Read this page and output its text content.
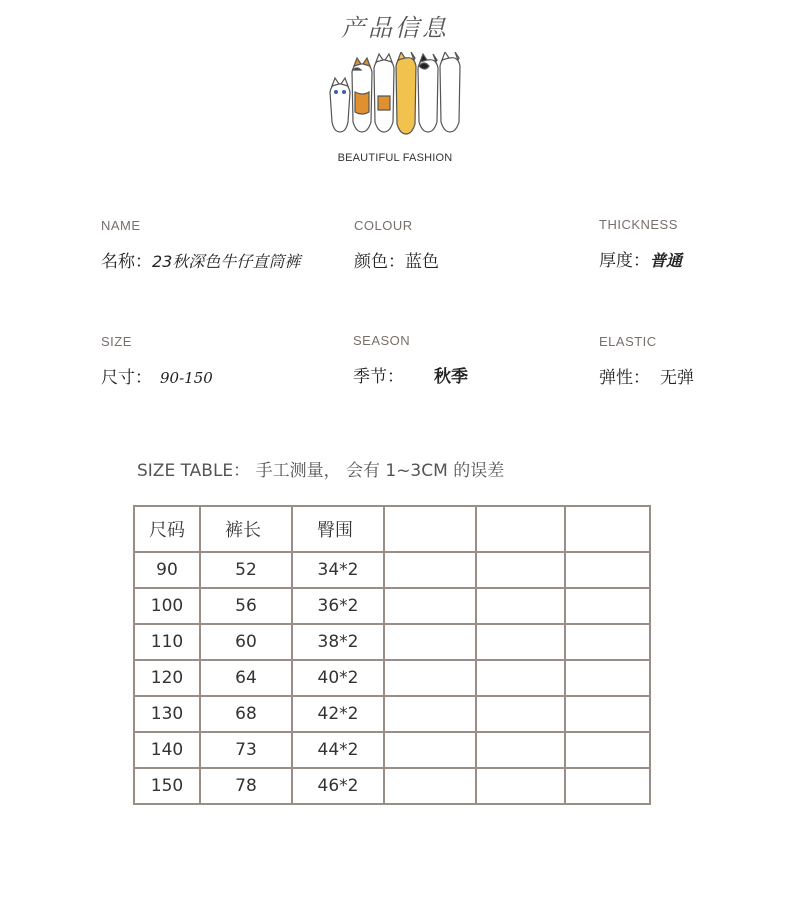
产品信息
BEAUTIFUL FASHION
NAME
名称：23秋深色牛仔直筒裤
COLOUR
颜色：蓝色
THICKNESS
厚度：普通
SIZE
尺寸： 90-150
SEASON
季节： 秋季
ELASTIC
弹性： 无弹
SIZE TABLE： 手工测量， 会有 1~3CM 的误差
尺码	裤长	臀围			
90	52	34*2			
100	56	36*2			
110	60	38*2			
120	64	40*2			
130	68	42*2			
140	73	44*2			
150	78	46*2			
